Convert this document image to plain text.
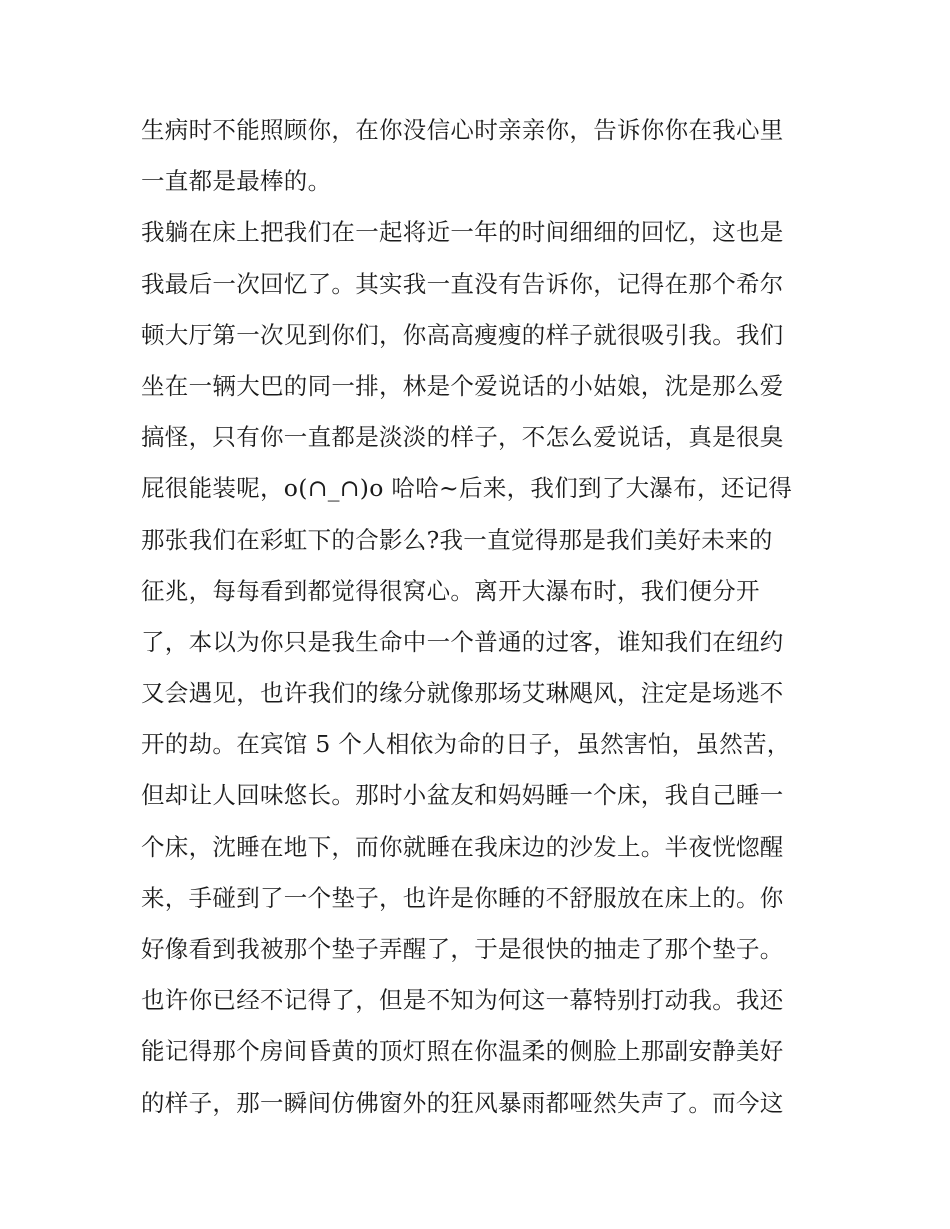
生病时不能照顾你，在你没信心时亲亲你，告诉你你在我心里
一直都是最棒的。
我躺在床上把我们在一起将近一年的时间细细的回忆，这也是
我最后一次回忆了。其实我一直没有告诉你，记得在那个希尔
顿大厅第一次见到你们，你高高瘦瘦的样子就很吸引我。我们
坐在一辆大巴的同一排，林是个爱说话的小姑娘，沈是那么爱
搞怪，只有你一直都是淡淡的样子，不怎么爱说话，真是很臭
屁很能装呢，o(∩_∩)o 哈哈~后来，我们到了大瀑布，还记得
那张我们在彩虹下的合影么?我一直觉得那是我们美好未来的
征兆，每每看到都觉得很窝心。离开大瀑布时，我们便分开
了，本以为你只是我生命中一个普通的过客，谁知我们在纽约
又会遇见，也许我们的缘分就像那场艾琳飓风，注定是场逃不
开的劫。在宾馆 5 个人相依为命的日子，虽然害怕，虽然苦，
但却让人回味悠长。那时小盆友和妈妈睡一个床，我自己睡一
个床，沈睡在地下，而你就睡在我床边的沙发上。半夜恍惚醒
来，手碰到了一个垫子，也许是你睡的不舒服放在床上的。你
好像看到我被那个垫子弄醒了，于是很快的抽走了那个垫子。
也许你已经不记得了，但是不知为何这一幕特别打动我。我还
能记得那个房间昏黄的顶灯照在你温柔的侧脸上那副安静美好
的样子，那一瞬间仿佛窗外的狂风暴雨都哑然失声了。而今这
